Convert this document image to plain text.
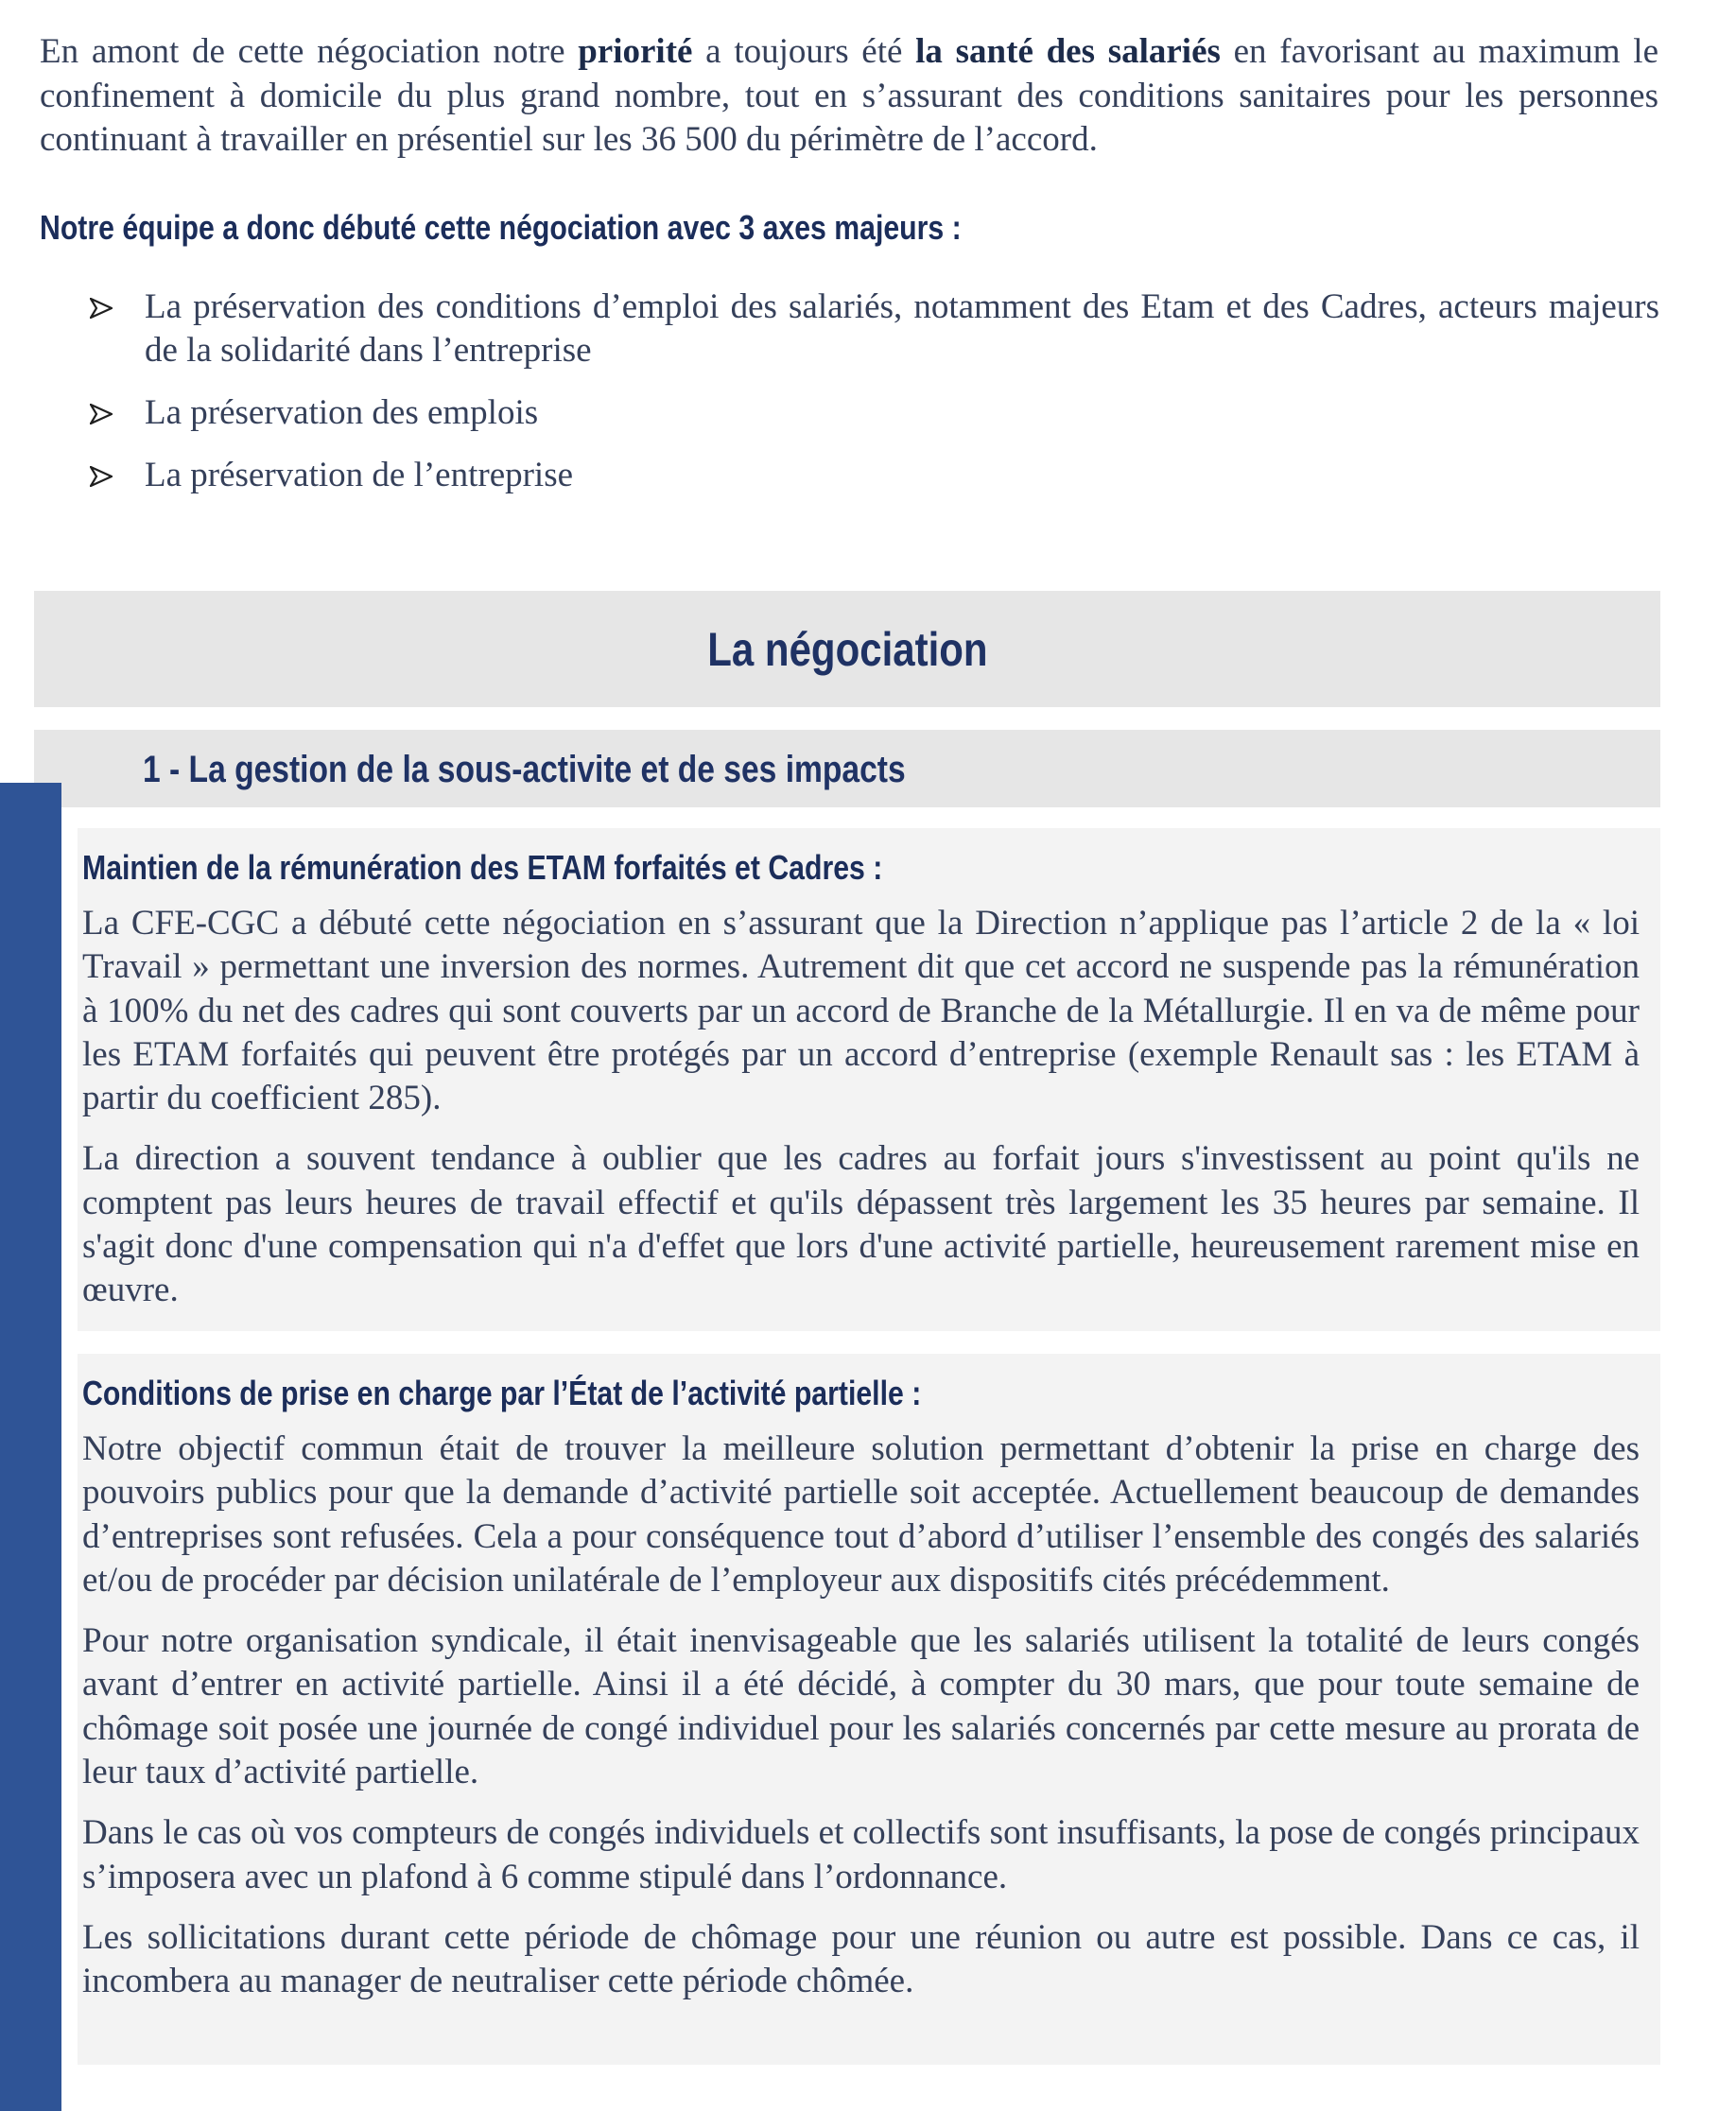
En amont de cette négociation notre priorité a toujours été la santé des salariés en favorisant au maximum le confinement à domicile du plus grand nombre, tout en s’assurant des conditions sanitaires pour les personnes continuant à travailler en présentiel sur les 36 500 du périmètre de l’accord.

Notre équipe a donc débuté cette négociation avec 3 axes majeurs :
La préservation des conditions d’emploi des salariés, notamment des Etam et des Cadres, acteurs majeurs de la solidarité dans l’entreprise
La préservation des emplois
La préservation de l’entreprise
La négociation
1 - La gestion de la sous-activite et de ses impacts
Maintien de la rémunération des ETAM forfaités et Cadres :

La CFE-CGC a débuté cette négociation en s’assurant que la Direction n’applique pas l’article 2 de la « loi Travail » permettant une inversion des normes. Autrement dit que cet accord ne suspende pas la rémunération à 100% du net des cadres qui sont couverts par un accord de Branche de la Métallurgie. Il en va de même pour les ETAM forfaités qui peuvent être protégés par un accord d’entreprise (exemple Renault sas : les ETAM à partir du coefficient 285).

La direction a souvent tendance à oublier que les cadres au forfait jours s'investissent au point qu'ils ne comptent pas leurs heures de travail effectif et qu'ils dépassent très largement les 35 heures par semaine. Il s'agit donc d'une compensation qui n'a d'effet que lors d'une activité partielle, heureusement rarement mise en œuvre.

Conditions de prise en charge par l’État de l’activité partielle :

Notre objectif commun était de trouver la meilleure solution permettant d’obtenir la prise en charge des pouvoirs publics pour que la demande d’activité partielle soit acceptée. Actuellement beaucoup de demandes d’entreprises sont refusées. Cela a pour conséquence tout d’abord d’utiliser l’ensemble des congés des salariés et/ou de procéder par décision unilatérale de l’employeur aux dispositifs cités précédemment.

Pour notre organisation syndicale, il était inenvisageable que les salariés utilisent la totalité de leurs congés avant d’entrer en activité partielle. Ainsi il a été décidé, à compter du 30 mars, que pour toute semaine de chômage soit posée une journée de congé individuel pour les salariés concernés par cette mesure au prorata de leur taux d’activité partielle.

Dans le cas où vos compteurs de congés individuels et collectifs sont insuffisants, la pose de congés principaux s’imposera avec un plafond à 6 comme stipulé dans l’ordonnance.

Les sollicitations durant cette période de chômage pour une réunion ou autre est possible. Dans ce cas, il incombera au manager de neutraliser cette période chômée.
